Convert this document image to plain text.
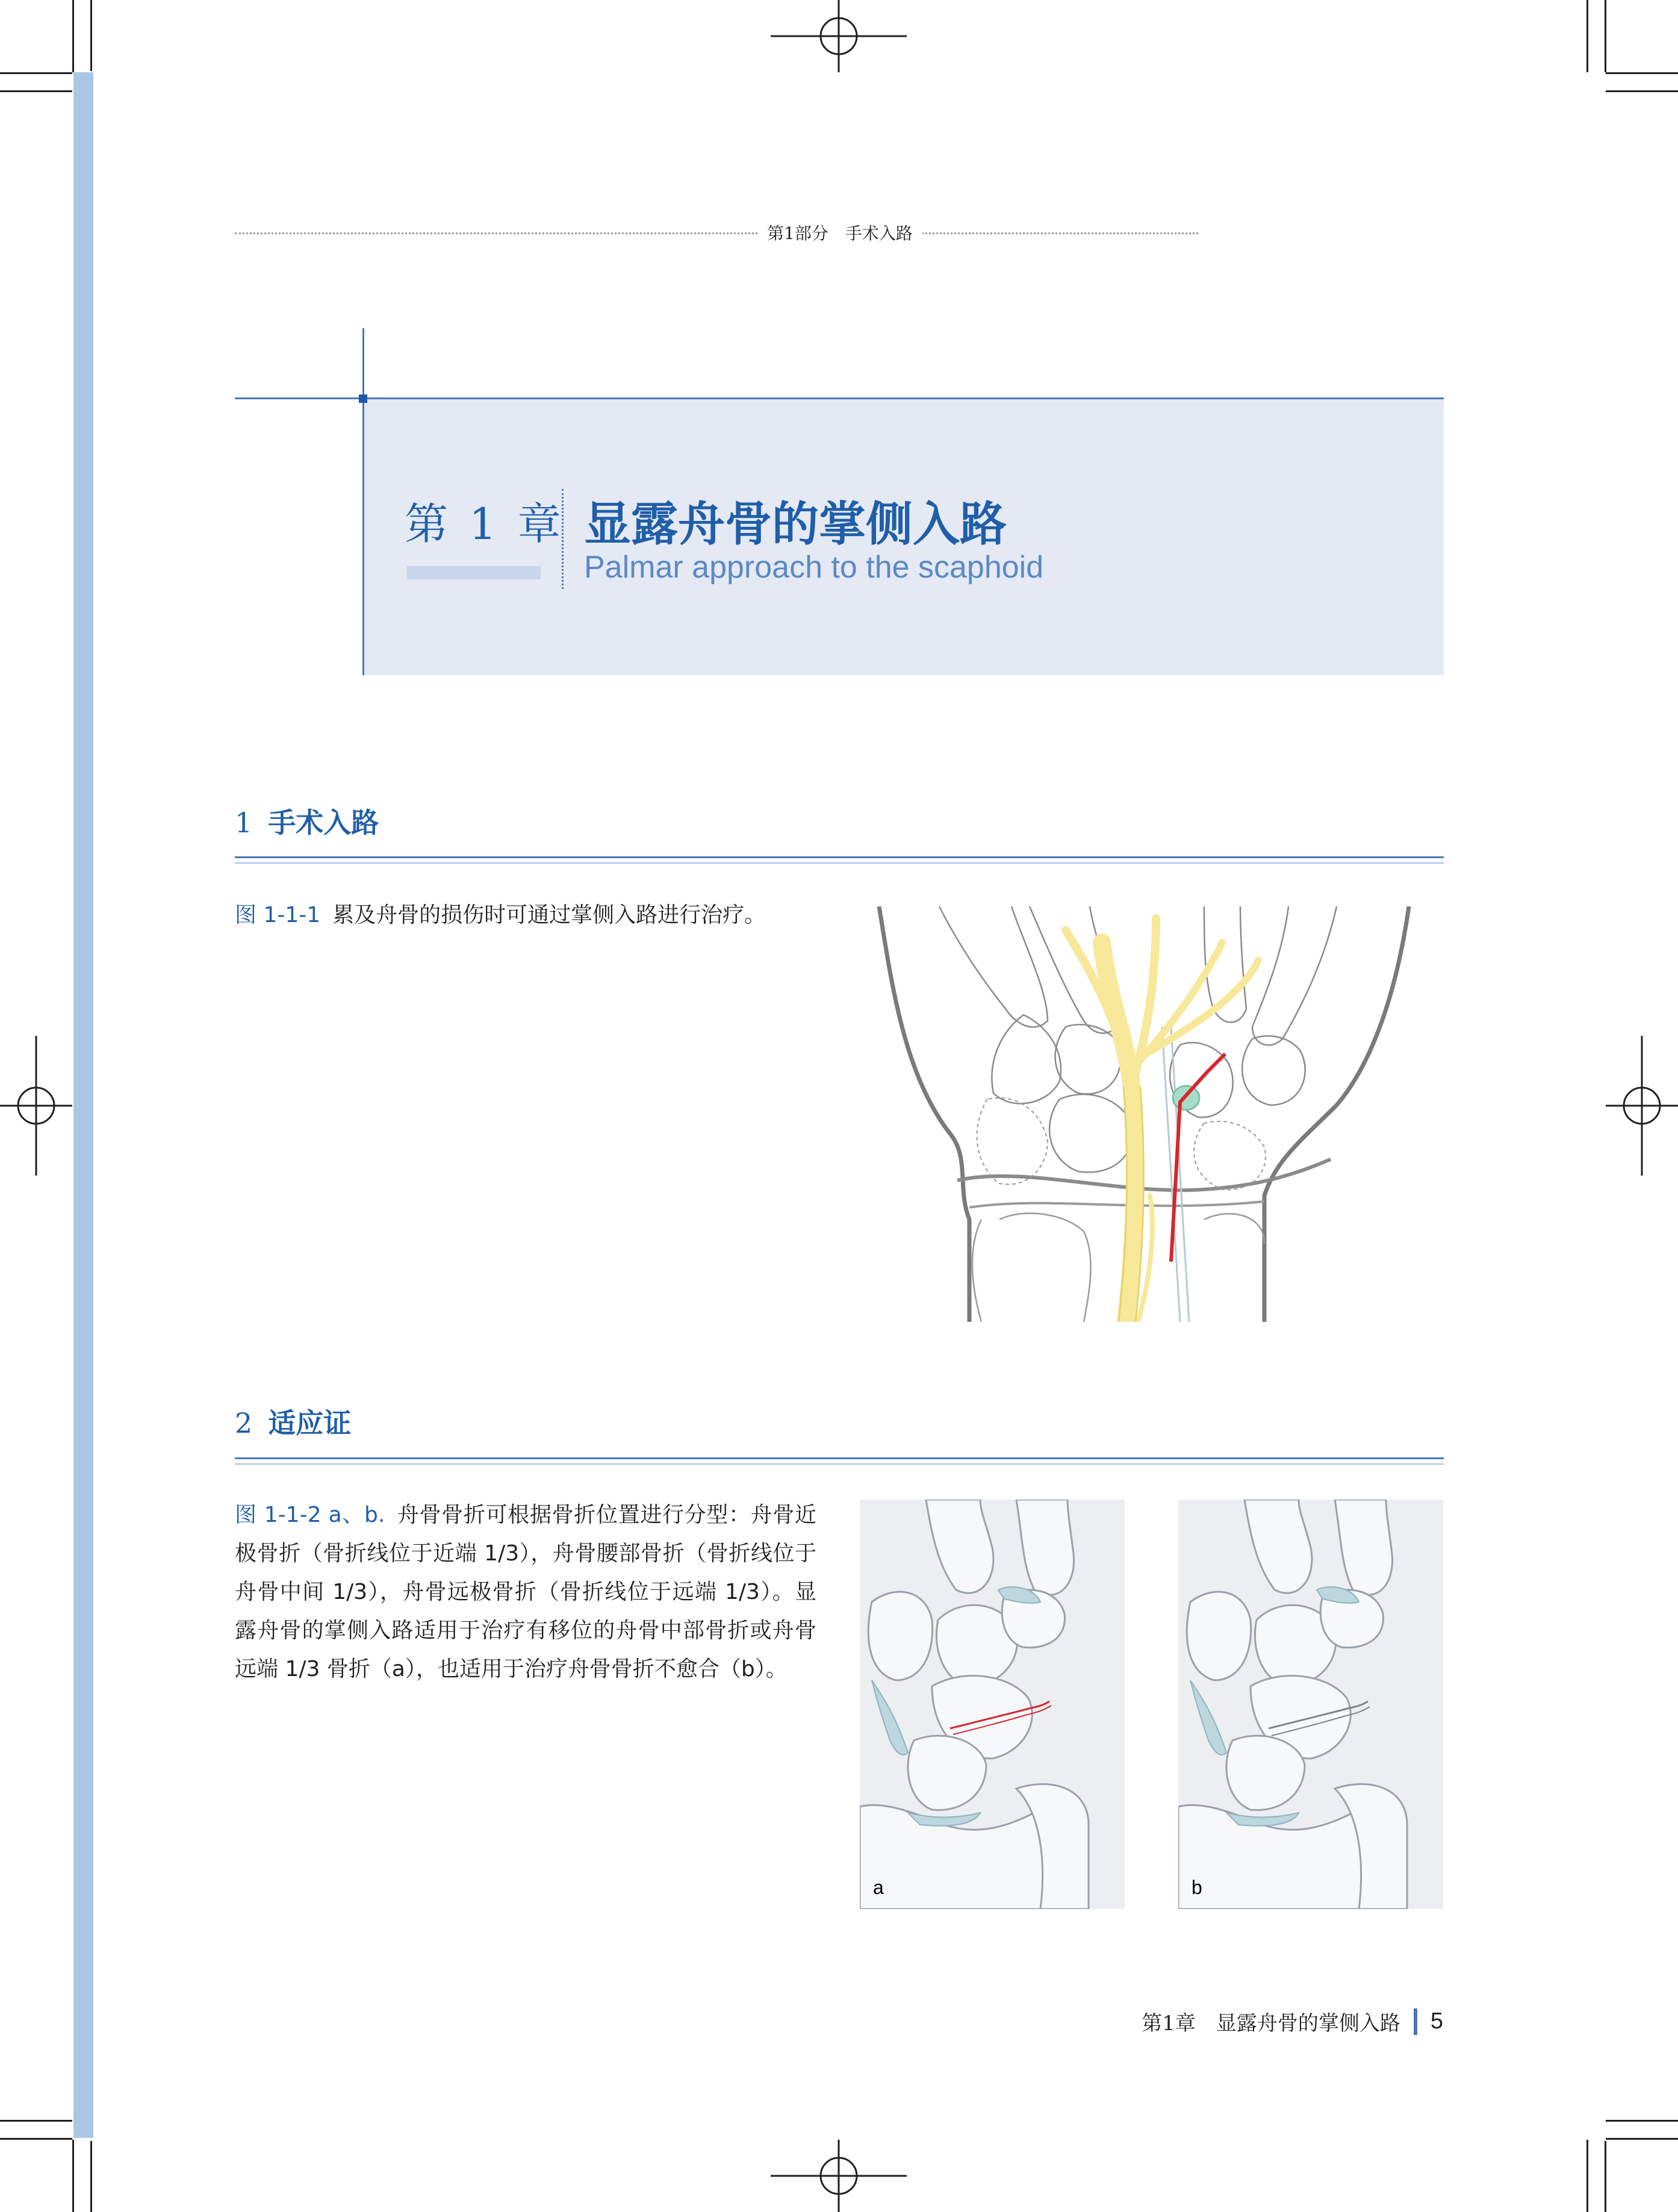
第1部分　手术入路
第 1 章 显露舟骨的掌侧入路
Palmar approach to the scaphoid
1 手术入路
图 1-1-1 累及舟骨的损伤时可通过掌侧入路进行治疗。
2 适应证
图 1-1-2 a、b. 舟骨骨折可根据骨折位置进行分型：舟骨近极骨折（骨折线位于近端 1/3），舟骨腰部骨折（骨折线位于舟骨中间 1/3），舟骨远极骨折（骨折线位于远端 1/3）。显露舟骨的掌侧入路适用于治疗有移位的舟骨中部骨折或舟骨远端 1/3 骨折（a），也适用于治疗舟骨骨折不愈合（b）。
a	b
第1章　显露舟骨的掌侧入路 5
